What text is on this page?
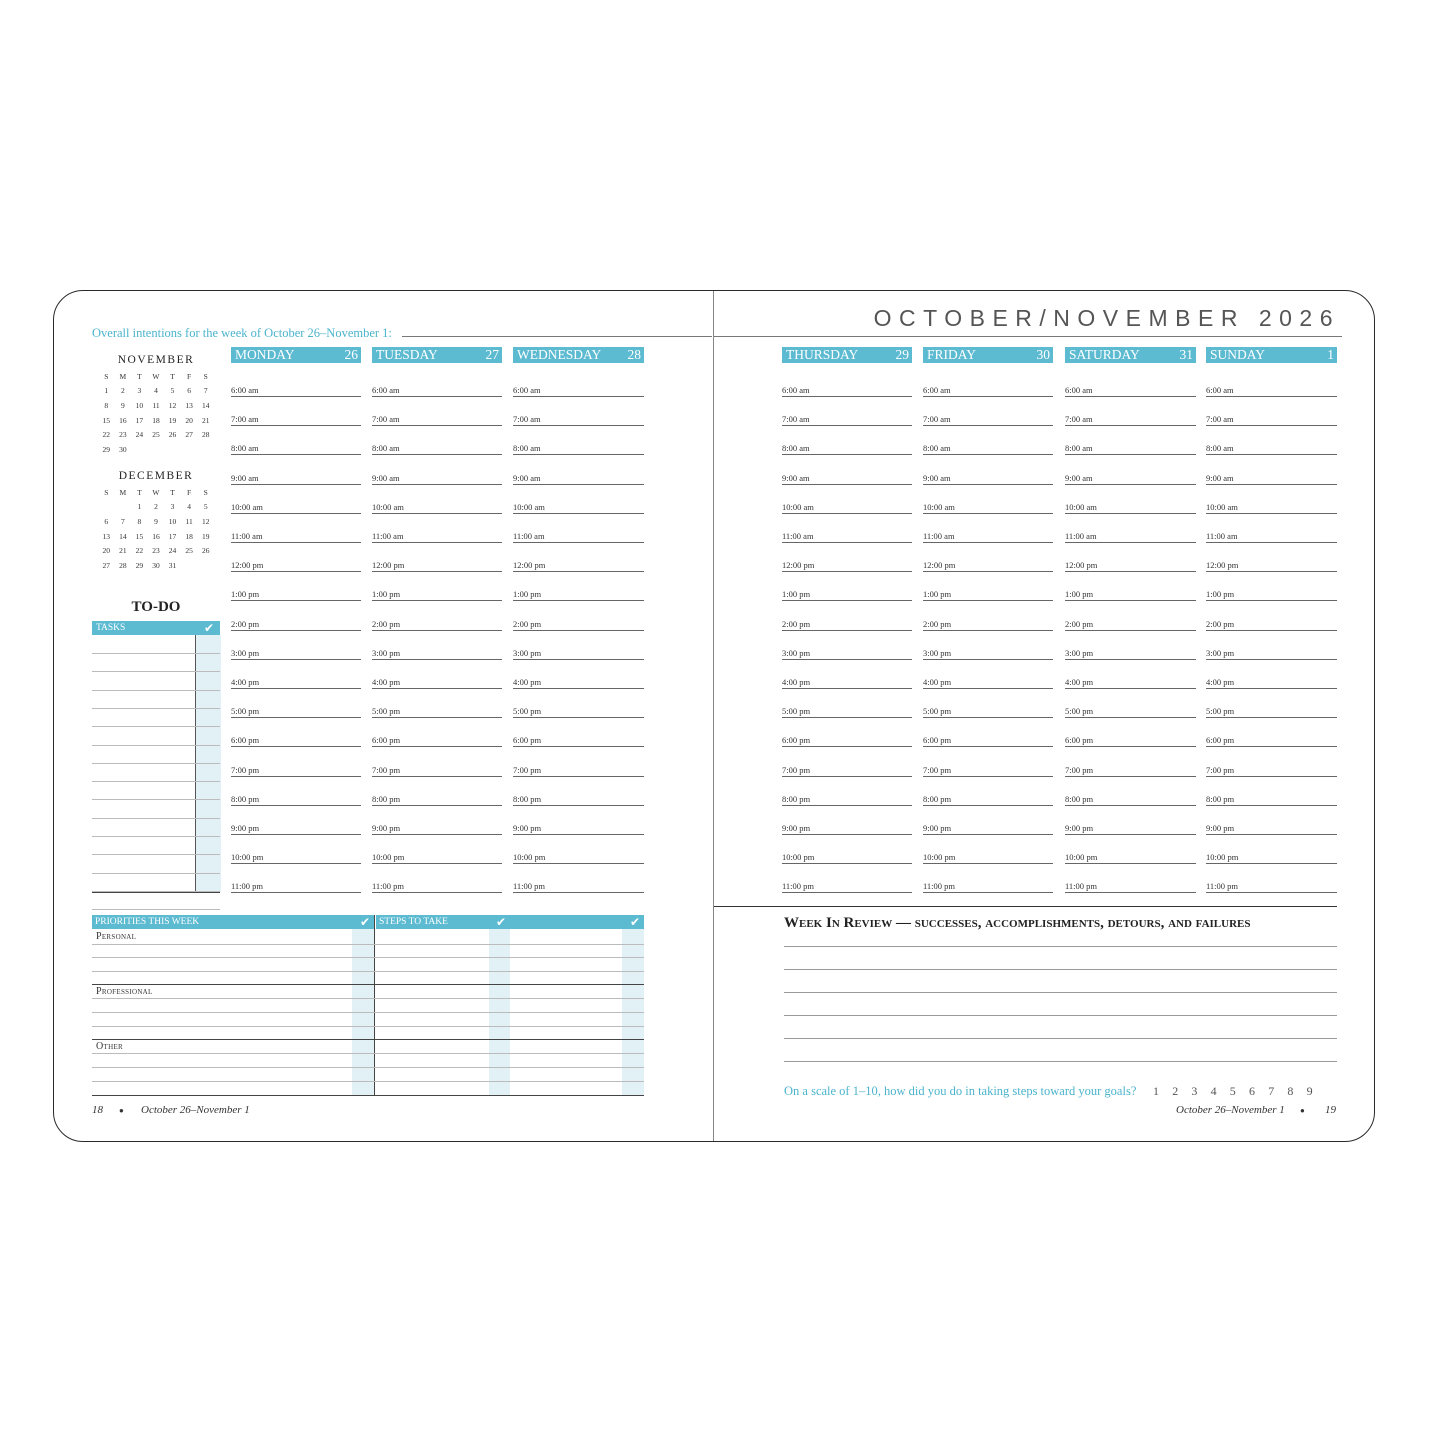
Overall intentions for the week of October 26–November 1:
OCTOBER/NOVEMBER 2026
MONDAY	26
6:00 am
7:00 am
8:00 am
9:00 am
10:00 am
11:00 am
12:00 pm
1:00 pm
2:00 pm
3:00 pm
4:00 pm
5:00 pm
6:00 pm
7:00 pm
8:00 pm
9:00 pm
10:00 pm
11:00 pm
TUESDAY	27
6:00 am
7:00 am
8:00 am
9:00 am
10:00 am
11:00 am
12:00 pm
1:00 pm
2:00 pm
3:00 pm
4:00 pm
5:00 pm
6:00 pm
7:00 pm
8:00 pm
9:00 pm
10:00 pm
11:00 pm
WEDNESDAY 28
6:00 am
7:00 am
8:00 am
9:00 am
10:00 am
11:00 am
12:00 pm
1:00 pm
2:00 pm
3:00 pm
4:00 pm
5:00 pm
6:00 pm
7:00 pm
8:00 pm
9:00 pm
10:00 pm
11:00 pm
THURSDAY	29
6:00 am
7:00 am
8:00 am
9:00 am
10:00 am
11:00 am
12:00 pm
1:00 pm
2:00 pm
3:00 pm
4:00 pm
5:00 pm
6:00 pm
7:00 pm
8:00 pm
9:00 pm
10:00 pm
11:00 pm
FRIDAY	30
6:00 am
7:00 am
8:00 am
9:00 am
10:00 am
11:00 am
12:00 pm
1:00 pm
2:00 pm
3:00 pm
4:00 pm
5:00 pm
6:00 pm
7:00 pm
8:00 pm
9:00 pm
10:00 pm
11:00 pm
SATURDAY	31
6:00 am
7:00 am
8:00 am
9:00 am
10:00 am
11:00 am
12:00 pm
1:00 pm
2:00 pm
3:00 pm
4:00 pm
5:00 pm
6:00 pm
7:00 pm
8:00 pm
9:00 pm
10:00 pm
11:00 pm
SUNDAY	1
6:00 am
7:00 am
8:00 am
9:00 am
10:00 am
11:00 am
12:00 pm
1:00 pm
2:00 pm
3:00 pm
4:00 pm
5:00 pm
6:00 pm
7:00 pm
8:00 pm
9:00 pm
10:00 pm
11:00 pm
NOVEMBER
S	M	T	W	T	F	S
1	2	3	4	5	6	7
8	9	10	11	12	13	14
15	16	17	18	19	20	21
22	23	24	25	26	27	28
29	30					
DECEMBER
S	M	T	W	T	F	S
		1	2	3	4	5
6	7	8	9	10	11	12
13	14	15	16	17	18	19
20	21	22	23	24	25	26
27	28	29	30	31		
TO-DO
TASKS	✔
PRIORITIES THIS WEEK	✔ STEPS TO TAKE	✔	✔
Personal
Professional
Other
Week In Review — successes, accomplishments, detours, and failures
On a scale of 1–10, how did you do in taking steps toward your goals? 1 2 3 4 5 6 7 8 9
18 ● October 26–November 1	October 26–November 1 ● 19
